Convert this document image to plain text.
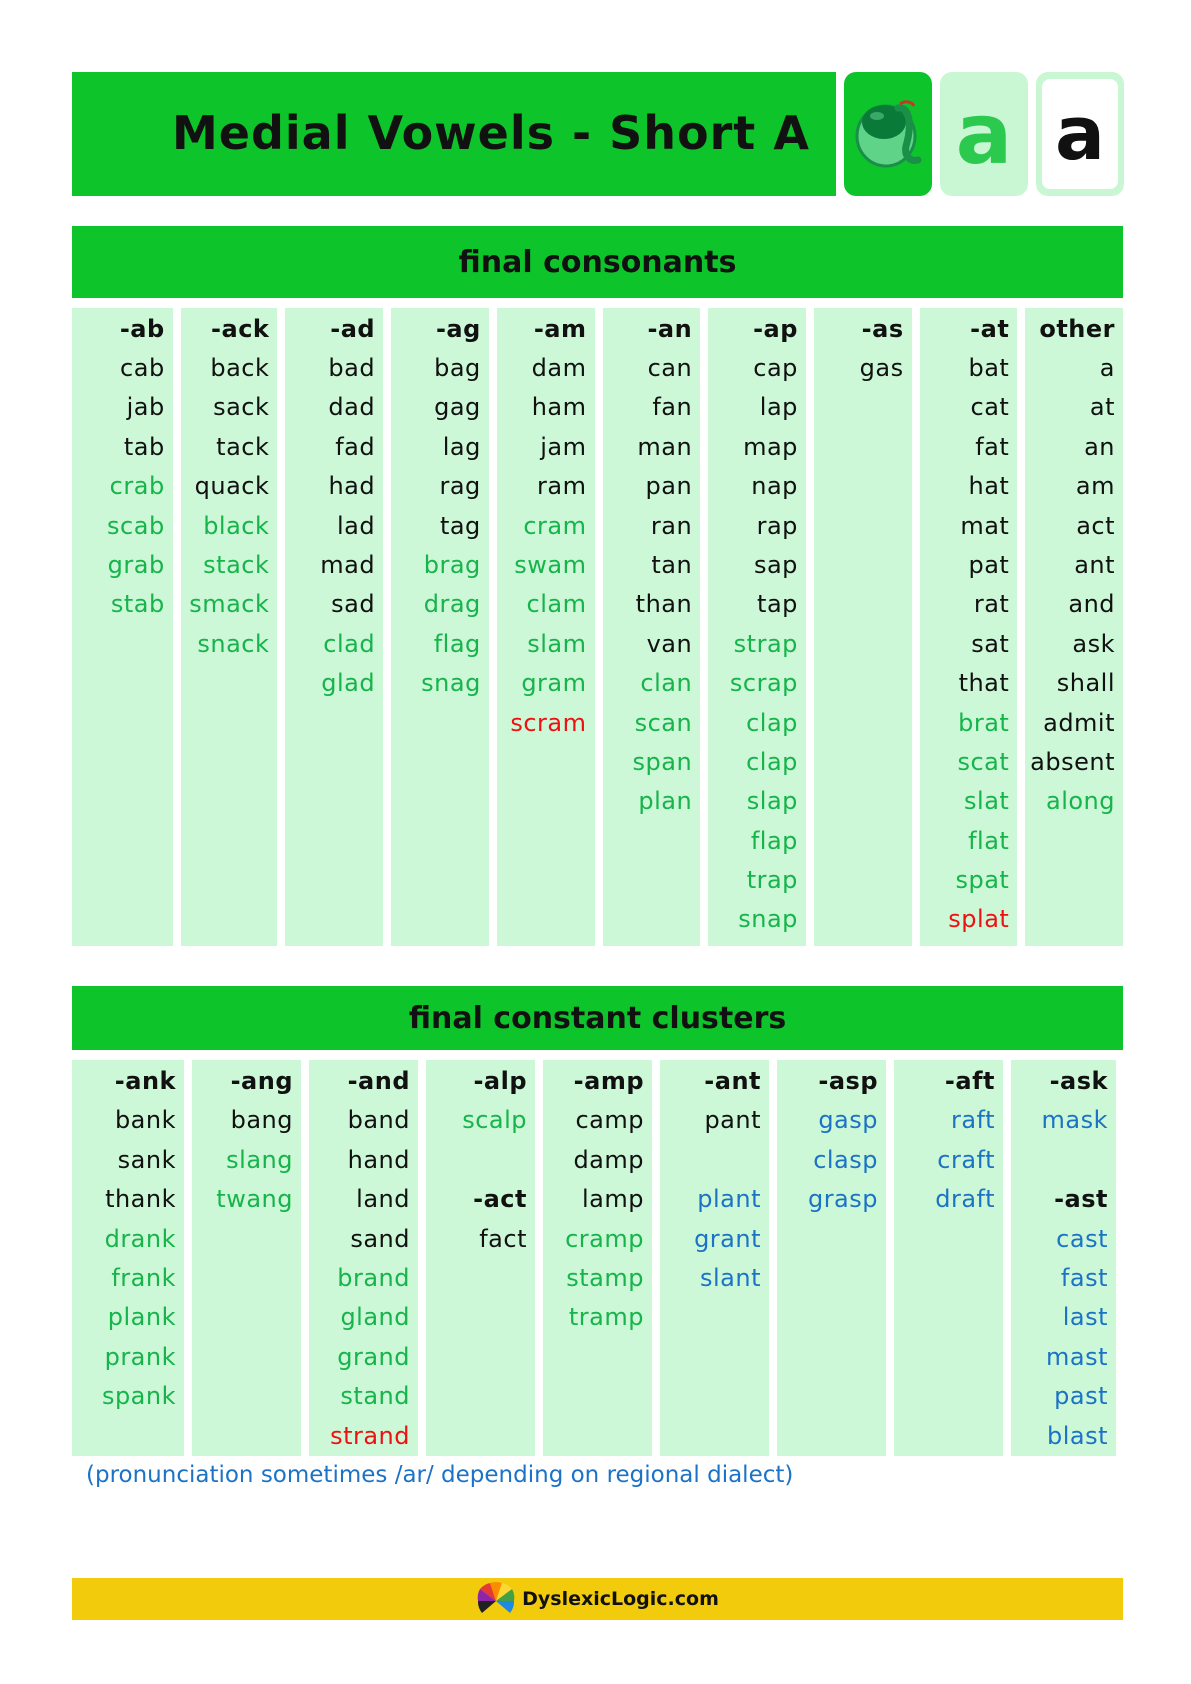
Medial Vowels - Short A a a
final consonants
-ab
cab
jab
tab
crab
scab
grab
stab
-ack
back
sack
tack
quack
black
stack
smack
snack
-ad
bad
dad
fad
had
lad
mad
sad
clad
glad
-ag
bag
gag
lag
rag
tag
brag
drag
flag
snag
-am
dam
ham
jam
ram
cram
swam
clam
slam
gram
scram
-an
can
fan
man
pan
ran
tan
than
van
clan
scan
span
plan
-ap
cap
lap
map
nap
rap
sap
tap
strap
scrap
clap
clap
slap
flap
trap
snap
-as
gas
-at
bat
cat
fat
hat
mat
pat
rat
sat
that
brat
scat
slat
flat
spat
splat
other
a
at
an
am
act
ant
and
ask
shall
admit
absent
along
final constant clusters
-ank
bank
sank
thank
drank
frank
plank
prank
spank
-ang
bang
slang
twang
-and
band
hand
land
sand
brand
gland
grand
stand
strand
-alp
scalp
-act
fact
-amp
camp
damp
lamp
cramp
stamp
tramp
-ant
pant
plant
grant
slant
-asp
gasp
clasp
grasp
-aft
raft
craft
draft
-ask
mask
-ast
cast
fast
last
mast
past
blast
(pronunciation sometimes /ar/ depending on regional dialect)
DyslexicLogic.com
